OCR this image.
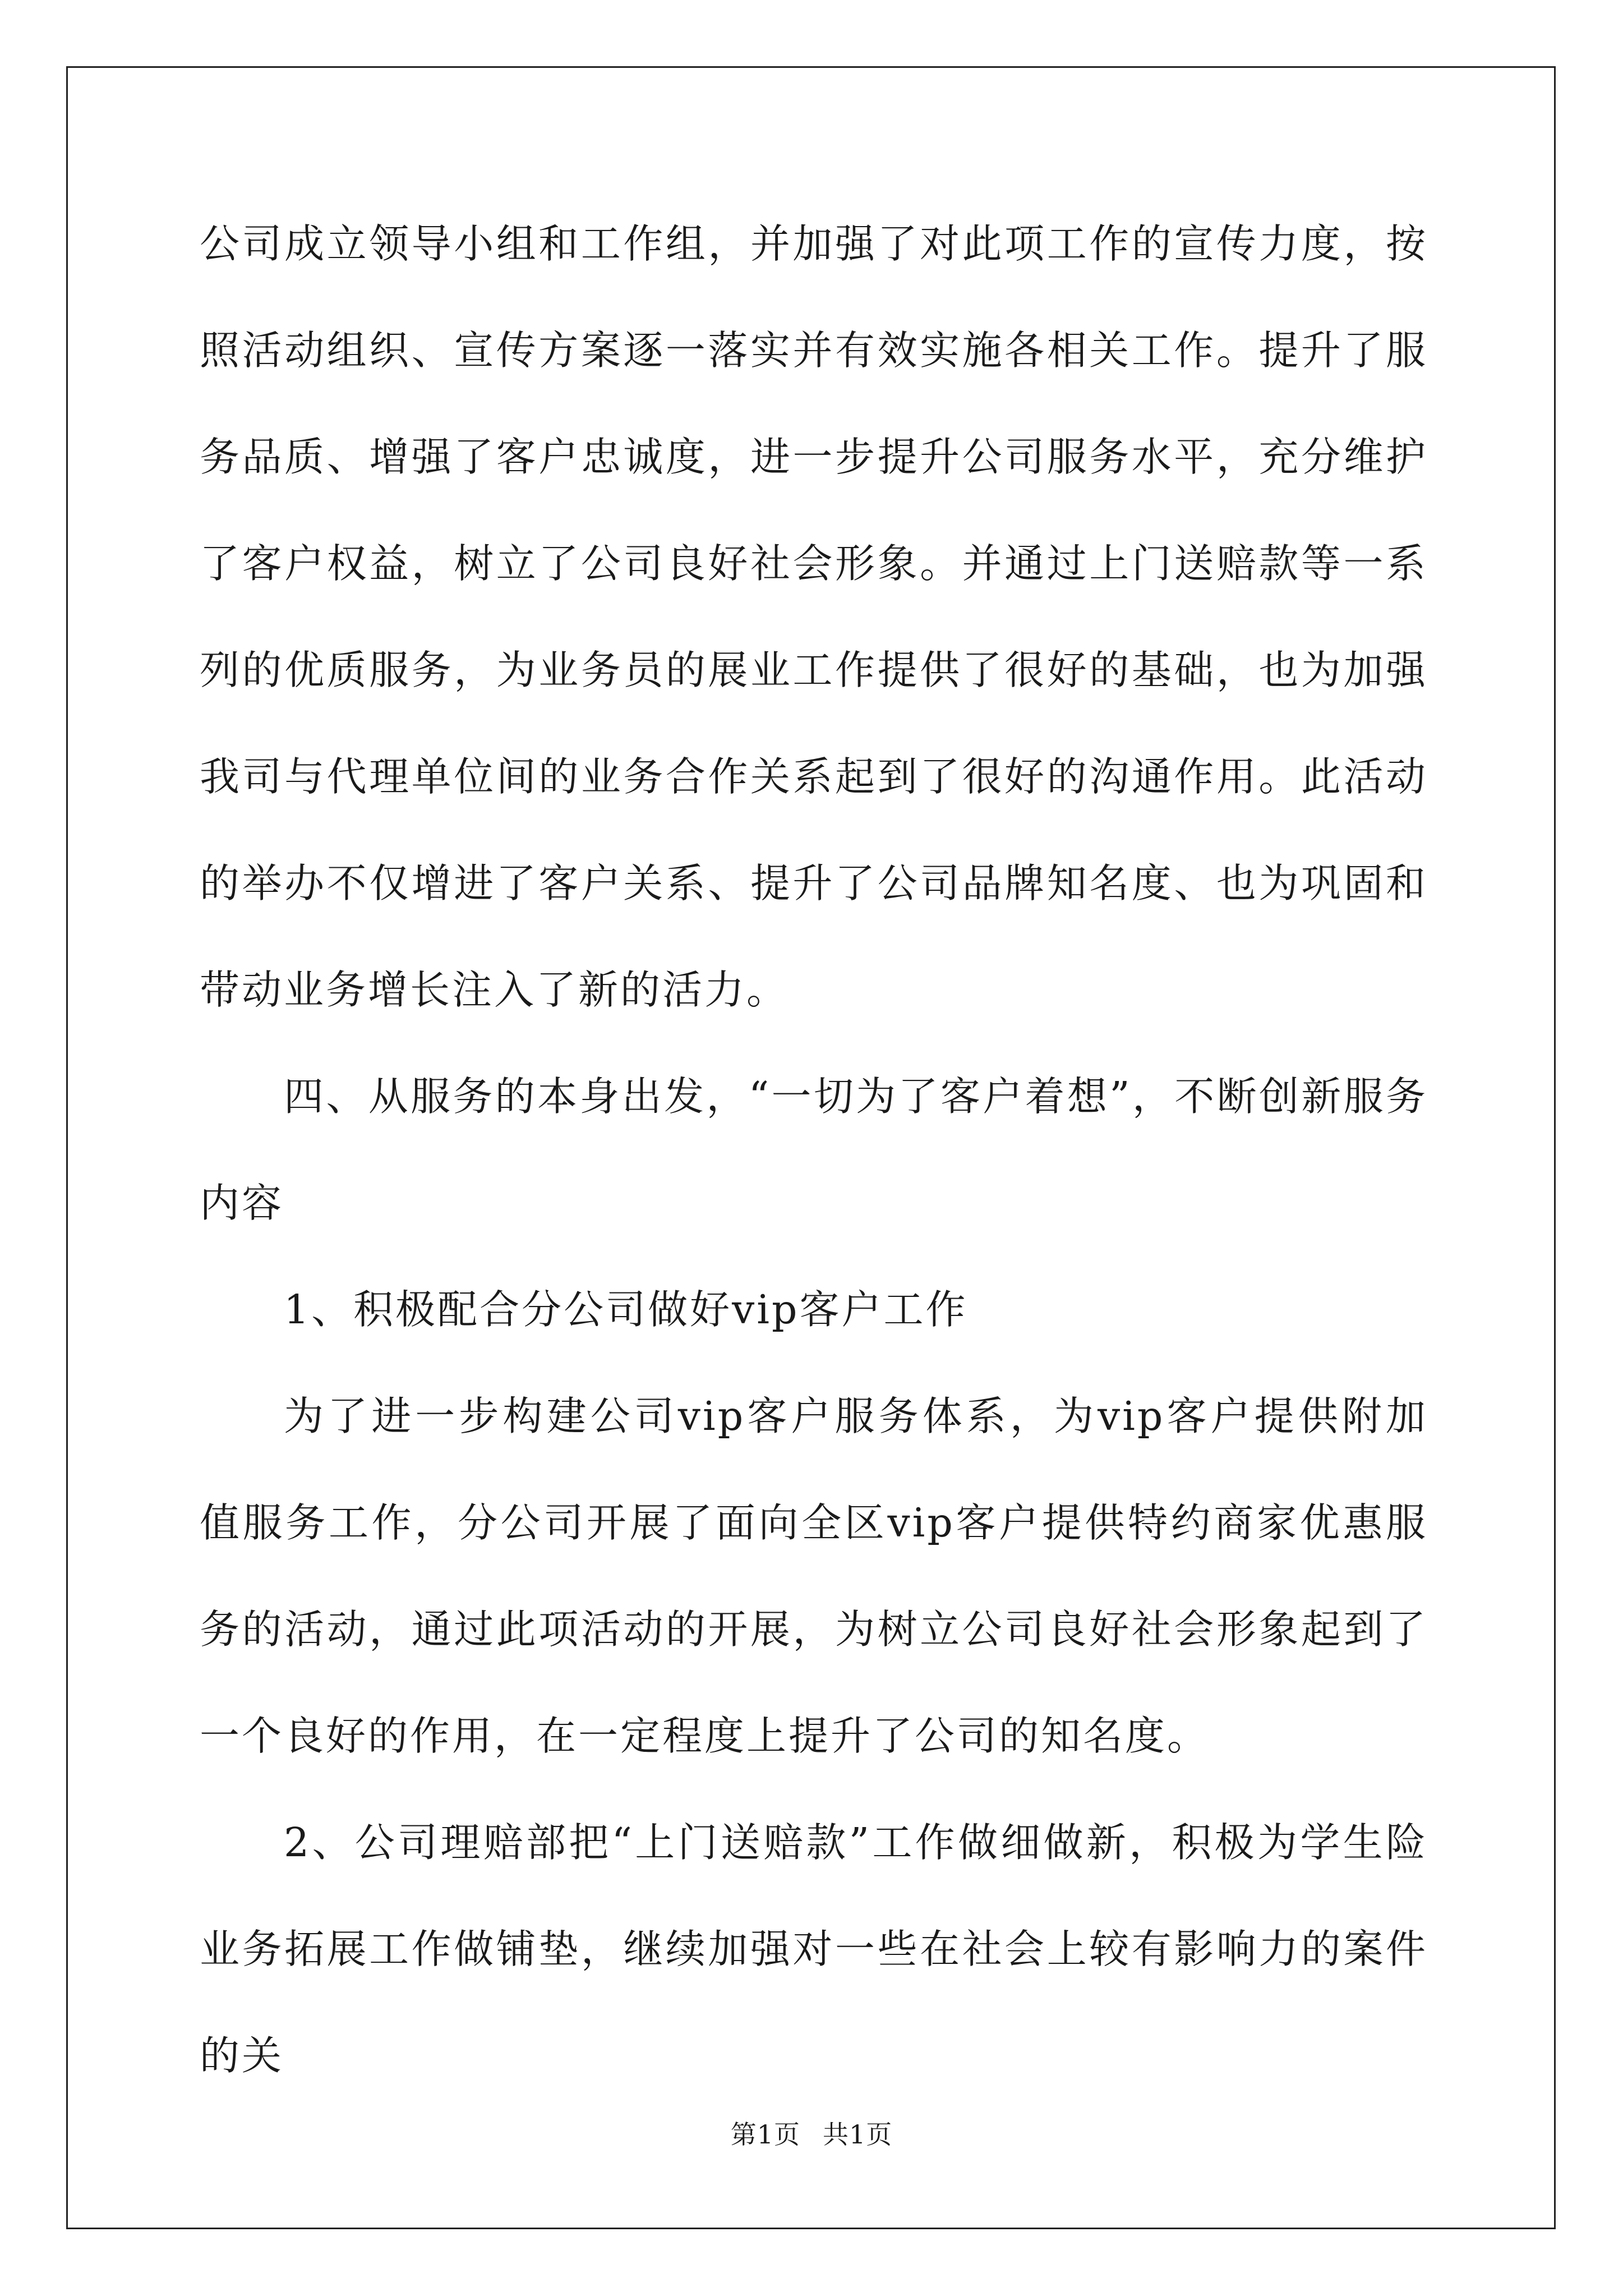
公司成立领导小组和工作组，并加强了对此项工作的宣传力度，按照活动组织、宣传方案逐一落实并有效实施各相关工作。提升了服务品质、增强了客户忠诚度，进一步提升公司服务水平，充分维护了客户权益，树立了公司良好社会形象。并通过上门送赔款等一系列的优质服务，为业务员的展业工作提供了很好的基础，也为加强我司与代理单位间的业务合作关系起到了很好的沟通作用。此活动的举办不仅增进了客户关系、提升了公司品牌知名度、也为巩固和带动业务增长注入了新的活力。

四、从服务的本身出发，“一切为了客户着想”，不断创新服务内容

1、积极配合分公司做好vip客户工作

为了进一步构建公司vip客户服务体系，为vip客户提供附加值服务工作，分公司开展了面向全区vip客户提供特约商家优惠服务的活动，通过此项活动的开展，为树立公司良好社会形象起到了一个良好的作用，在一定程度上提升了公司的知名度。

2、公司理赔部把“上门送赔款”工作做细做新，积极为学生险业务拓展工作做铺垫，继续加强对一些在社会上较有影响力的案件的关

第1页 共1页
